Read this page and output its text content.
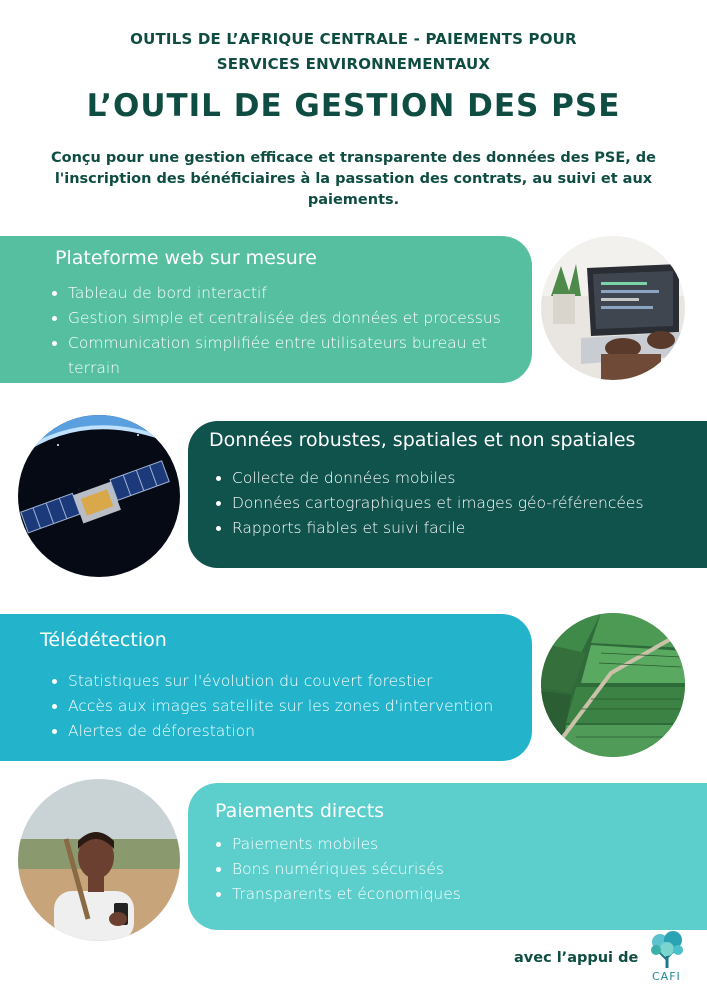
OUTILS DE L’AFRIQUE CENTRALE - PAIEMENTS POUR
SERVICES ENVIRONNEMENTAUX
L’OUTIL DE GESTION DES PSE
Conçu pour une gestion efficace et transparente des données des PSE, de l'inscription des bénéficiaires à la passation des contrats, au suivi et aux paiements.
Plateforme web sur mesure
Tableau de bord interactif
Gestion simple et centralisée des données et processus
Communication simplifiée entre utilisateurs bureau et terrain
Données robustes, spatiales et non spatiales
Collecte de données mobiles
Données cartographiques et images géo-référencées
Rapports fiables et suivi facile
Télédétection
Statistiques sur l'évolution du couvert forestier
Accès aux images satellite sur les zones d'intervention
Alertes de déforestation
Paiements directs
Paiements mobiles
Bons numériques sécurisés
Transparents et économiques
avec l’appui de
CAFI
